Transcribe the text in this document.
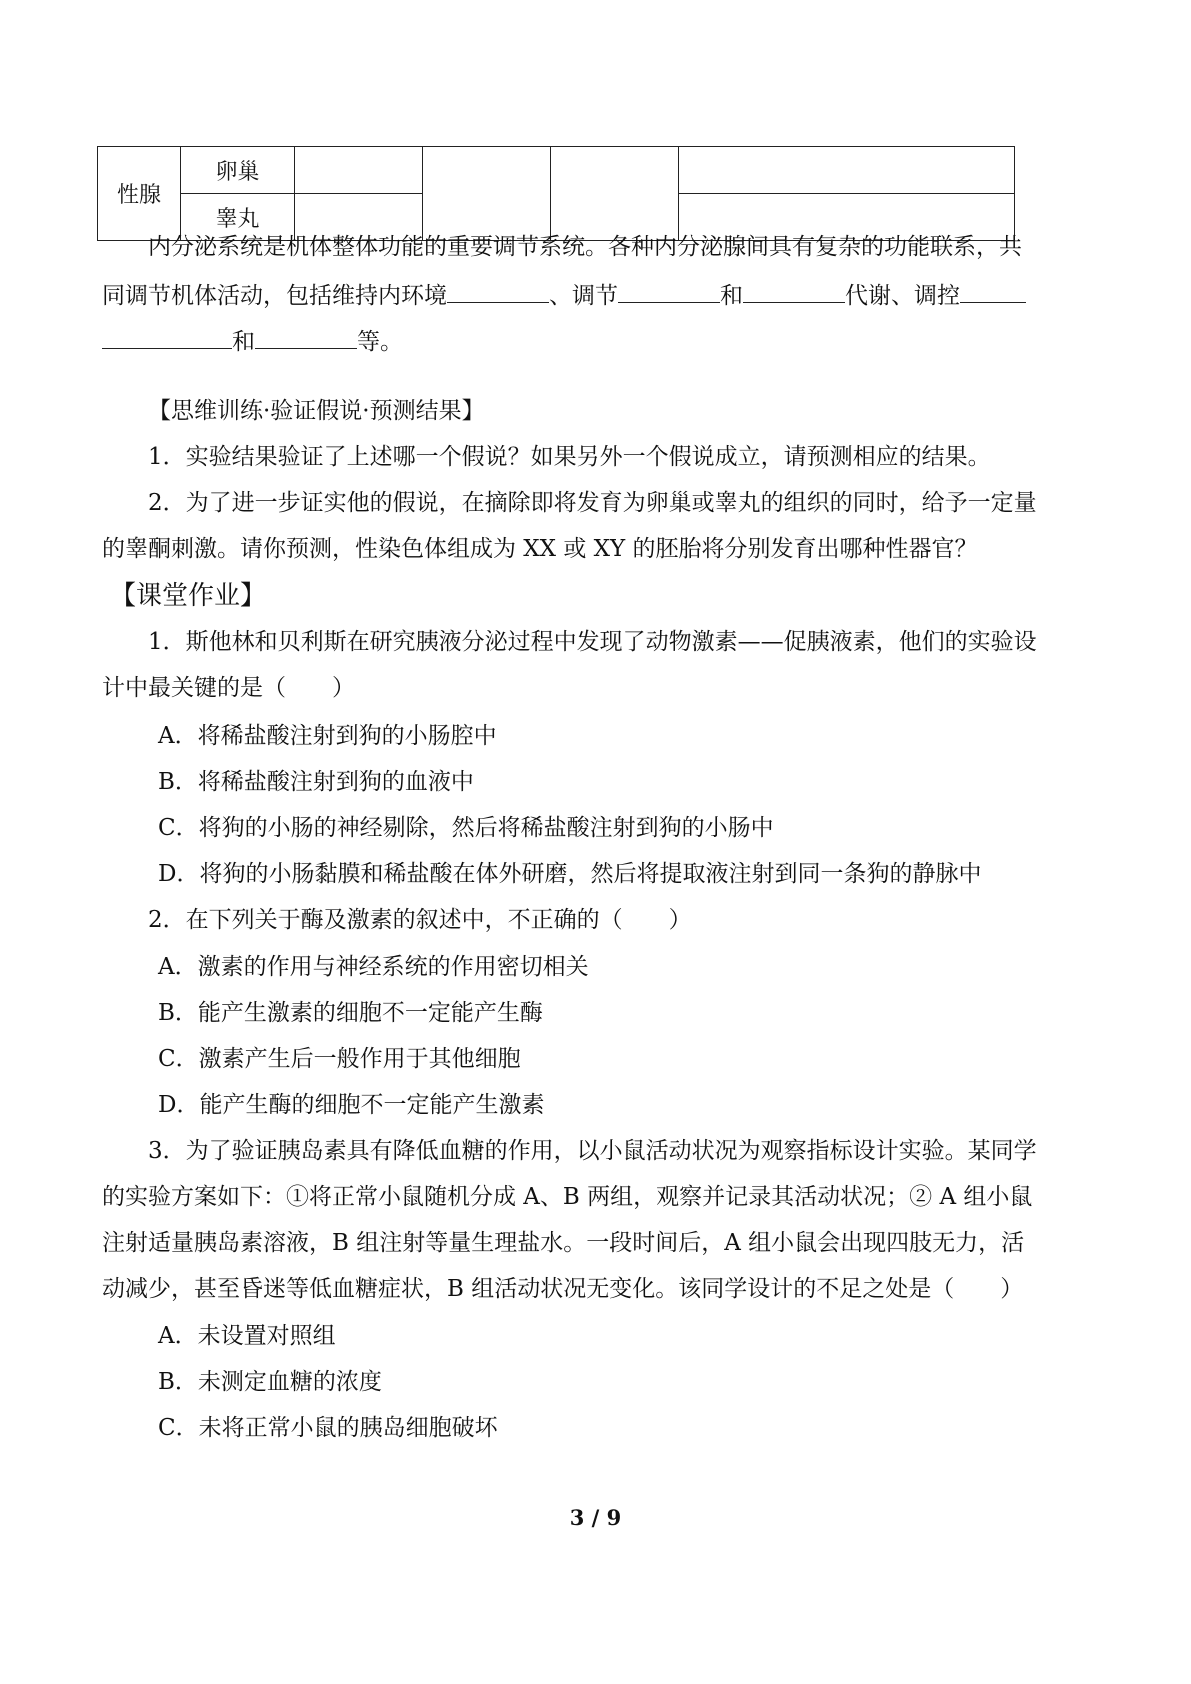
性腺	卵巢				
	睾丸				
内分泌系统是机体整体功能的重要调节系统。各种内分泌腺间具有复杂的功能联系，共
同调节机体活动，包括维持内环境	、调节	和	代谢、调控
和	等。
【思维训练·验证假说·预测结果】
1．实验结果验证了上述哪一个假说？如果另外一个假说成立，请预测相应的结果。
2．为了进一步证实他的假说，在摘除即将发育为卵巢或睾丸的组织的同时，给予一定量
的睾酮刺激。请你预测，性染色体组成为 XX 或 XY 的胚胎将分别发育出哪种性器官？
【课堂作业】
1．斯他林和贝利斯在研究胰液分泌过程中发现了动物激素——促胰液素，他们的实验设
计中最关键的是（　　）
A．将稀盐酸注射到狗的小肠腔中
B．将稀盐酸注射到狗的血液中
C．将狗的小肠的神经剔除，然后将稀盐酸注射到狗的小肠中
D．将狗的小肠黏膜和稀盐酸在体外研磨，然后将提取液注射到同一条狗的静脉中
2．在下列关于酶及激素的叙述中，不正确的（　　）
A．激素的作用与神经系统的作用密切相关
B．能产生激素的细胞不一定能产生酶
C．激素产生后一般作用于其他细胞
D．能产生酶的细胞不一定能产生激素
3．为了验证胰岛素具有降低血糖的作用，以小鼠活动状况为观察指标设计实验。某同学
的实验方案如下：①将正常小鼠随机分成 A、B 两组，观察并记录其活动状况；② A 组小鼠
注射适量胰岛素溶液，B 组注射等量生理盐水。一段时间后，A 组小鼠会出现四肢无力，活
动减少，甚至昏迷等低血糖症状，B 组活动状况无变化。该同学设计的不足之处是（　　）
A．未设置对照组
B．未测定血糖的浓度
C．未将正常小鼠的胰岛细胞破坏
3 / 9
